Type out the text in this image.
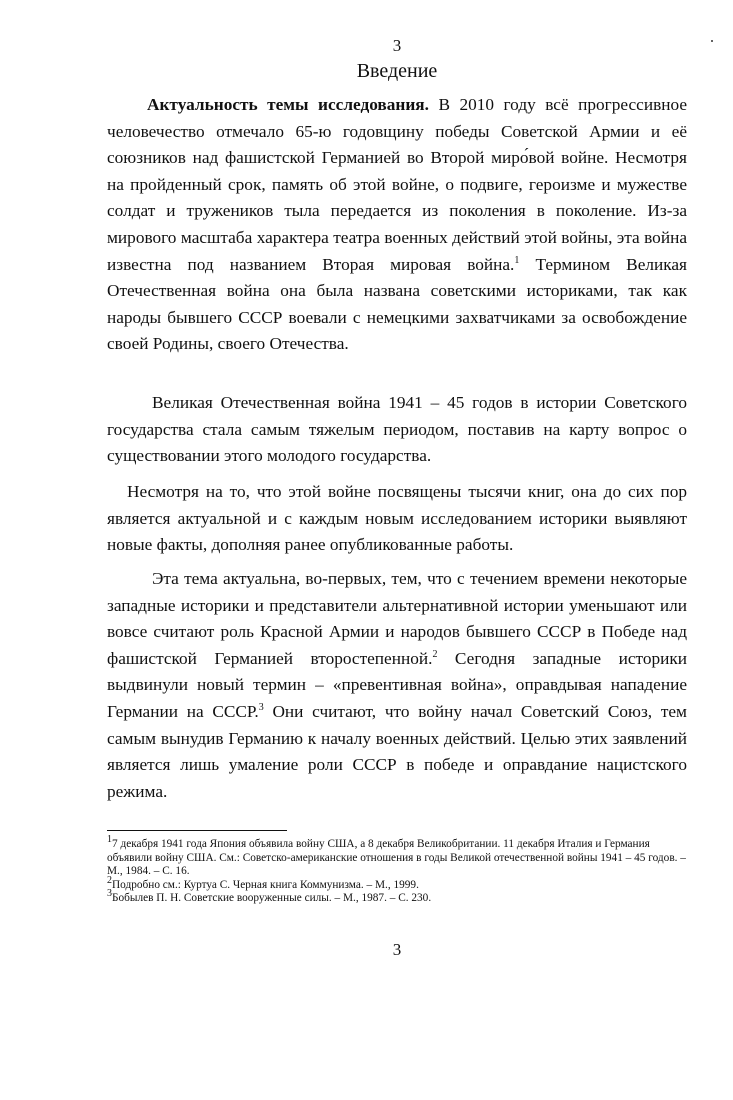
3
Введение

Актуальность темы исследования. В 2010 году всё прогрессивное человечество отмечало 65-ю годовщину победы Советской Армии и её союзников над фашистской Германией во Второй миро́вой войне. Несмотря на пройденный срок, память об этой войне, о подвиге, героизме и мужестве солдат и тружеников тыла передается из поколения в поколение. Из-за мирового масштаба характера театра военных действий этой войны, эта война известна под названием Вторая мировая война.$^1$ Термином Великая Отечественная война она была названа советскими историками, так как народы бывшего СССР воевали с немецкими захватчиками за освобождение своей Родины, своего Отечества.

Великая Отечественная война 1941 – 45 годов в истории Советского государства стала самым тяжелым периодом, поставив на карту вопрос о существовании этого молодого государства.

Несмотря на то, что этой войне посвящены тысячи книг, она до сих пор является актуальной и с каждым новым исследованием историки выявляют новые факты, дополняя ранее опубликованные работы.

Эта тема актуальна, во-первых, тем, что с течением времени некоторые западные историки и представители альтернативной истории уменьшают или вовсе считают роль Красной Армии и народов бывшего СССР в Победе над фашистской Германией второстепенной.$^2$ Сегодня западные историки выдвинули новый термин – «превентивная война», оправдывая нападение Германии на СССР.$^3$ Они считают, что войну начал Советский Союз, тем самым вынудив Германию к началу военных действий. Целью этих заявлений является лишь умаление роли СССР в победе и оправдание нацистского режима.

$^1$7 декабря 1941 года Япония объявила войну США, а 8 декабря Великобритании. 11 декабря Италия и Германия объявили войну США. См.: Советско-американские отношения в годы Великой отечественной войны 1941 – 45 годов. – М., 1984. – С. 16.
$^2$Подробно см.: Куртуа С. Черная книга Коммунизма. – М., 1999.
$^3$Бобылев П. Н. Советские вооруженные силы. – М., 1987. – С. 230.
3
